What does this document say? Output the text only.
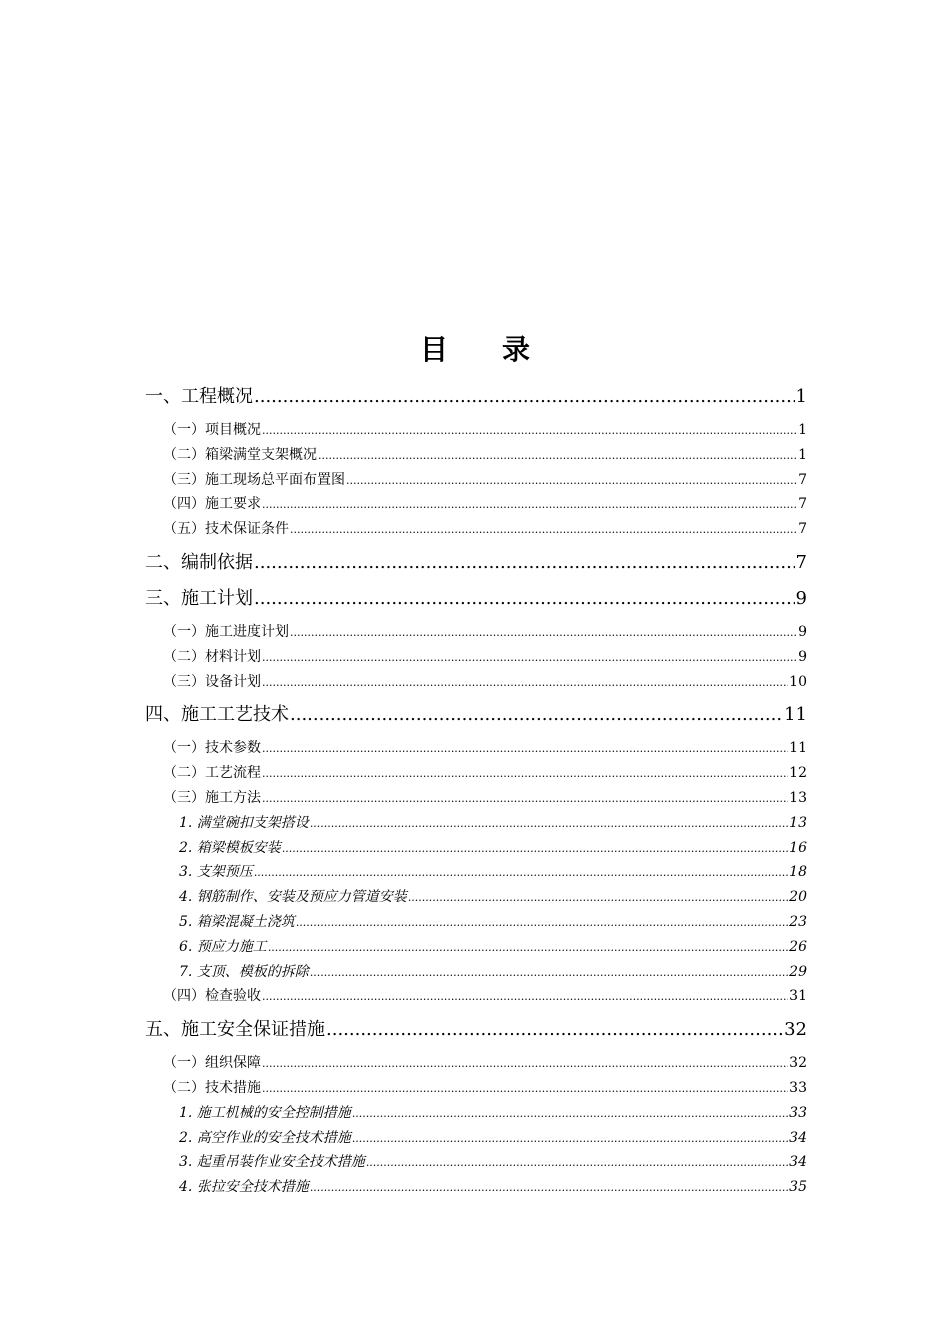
目录
一、工程概况 .....	1
（一）项目概况 .....	1
（二）箱梁满堂支架概况 .....	1
（三）施工现场总平面布置图 .....	7
（四）施工要求 .....	7
（五）技术保证条件 .....	7
二、编制依据 .....	7
三、施工计划 .....	9
（一）施工进度计划 .....	9
（二）材料计划 .....	9
（三）设备计划 .....	10
四、施工工艺技术 .....	11
（一）技术参数 .....	11
（二）工艺流程 .....	12
（三）施工方法 .....	13
1. 满堂碗扣支架搭设 .....	13
2. 箱梁模板安装 .....	16
3. 支架预压 .....	18
4. 钢筋制作、安装及预应力管道安装 .....	20
5. 箱梁混凝土浇筑 .....	23
6. 预应力施工 .....	26
7. 支顶、模板的拆除 .....	29
（四）检查验收 .....	31
五、施工安全保证措施 .....	32
（一）组织保障 .....	32
（二）技术措施 .....	33
1. 施工机械的安全控制措施 .....	33
2. 高空作业的安全技术措施 .....	34
3. 起重吊装作业安全技术措施 .....	34
4. 张拉安全技术措施 .....	35
